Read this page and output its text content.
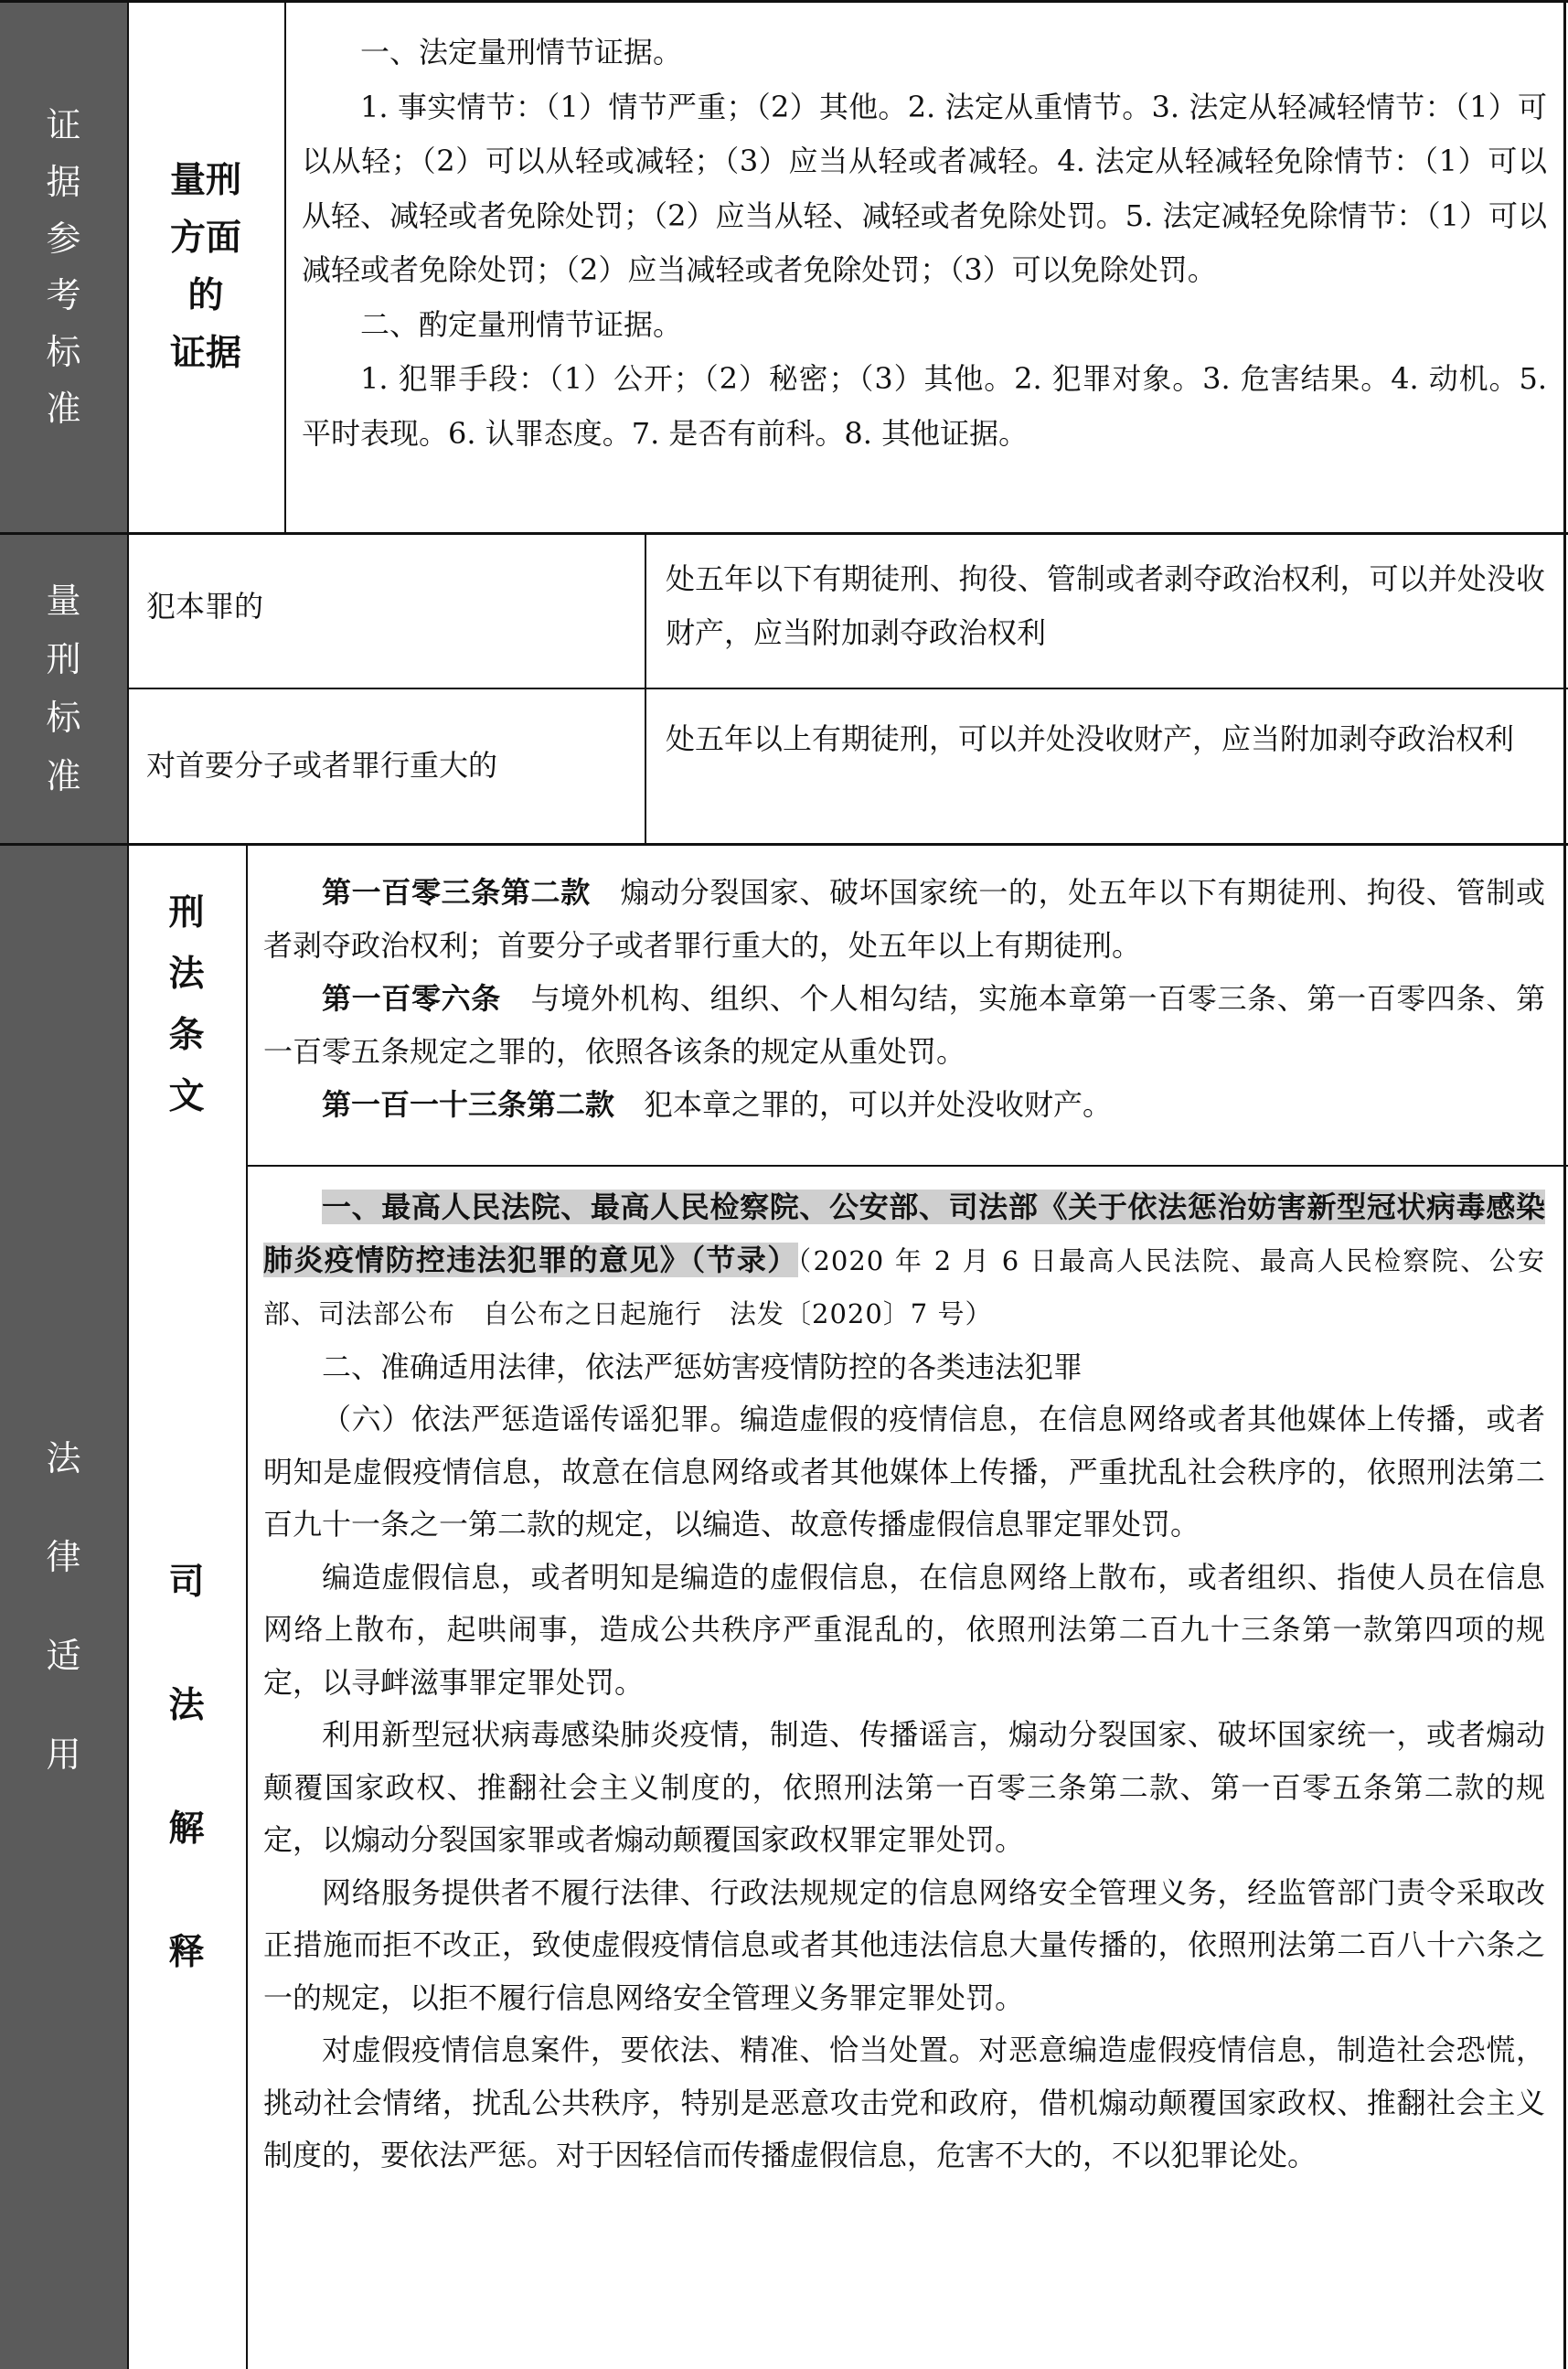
证
据
参
考
标
准
量刑
方面
的
证据

一、法定量刑情节证据。

1. 事实情节：（1）情节严重；（2）其他。2. 法定从重情节。3. 法定从轻减轻情节：（1）可以从轻；（2）可以从轻或减轻；（3）应当从轻或者减轻。4. 法定从轻减轻免除情节：（1）可以从轻、减轻或者免除处罚；（2）应当从轻、减轻或者免除处罚。5. 法定减轻免除情节：（1）可以减轻或者免除处罚；（2）应当减轻或者免除处罚；（3）可以免除处罚。

二、酌定量刑情节证据。

1. 犯罪手段：（1）公开；（2）秘密；（3）其他。2. 犯罪对象。3. 危害结果。4. 动机。5. 平时表现。6. 认罪态度。7. 是否有前科。8. 其他证据。

量
刑
标
准
犯本罪的
处五年以下有期徒刑、拘役、管制或者剥夺政治权利，可以并处没收财产，应当附加剥夺政治权利
对首要分子或者罪行重大的
处五年以上有期徒刑，可以并处没收财产，应当附加剥夺政治权利
法
律
适
用
刑
法
条
文

第一百零三条第二款　 煽动分裂国家、破坏国家统一的，处五年以下有期徒刑、拘役、管制或者剥夺政治权利；首要分子或者罪行重大的，处五年以上有期徒刑。

第一百零六条　 与境外机构、组织、个人相勾结，实施本章第一百零三条、第一百零四条、第一百零五条规定之罪的，依照各该条的规定从重处罚。

第一百一十三条第二款　 犯本章之罪的，可以并处没收财产。

司
法
解
释

一、最高人民法院、最高人民检察院、公安部、司法部《关于依法惩治妨害新型冠状病毒感染肺炎疫情防控违法犯罪的意见》（节录）（2020 年 2 月 6 日最高人民法院、最高人民检察院、公安部、司法部公布　自公布之日起施行　法发〔2020〕7 号）

二、准确适用法律，依法严惩妨害疫情防控的各类违法犯罪

（六）依法严惩造谣传谣犯罪。编造虚假的疫情信息，在信息网络或者其他媒体上传播，或者明知是虚假疫情信息，故意在信息网络或者其他媒体上传播，严重扰乱社会秩序的，依照刑法第二百九十一条之一第二款的规定，以编造、故意传播虚假信息罪定罪处罚。

编造虚假信息，或者明知是编造的虚假信息，在信息网络上散布，或者组织、指使人员在信息网络上散布，起哄闹事，造成公共秩序严重混乱的，依照刑法第二百九十三条第一款第四项的规定，以寻衅滋事罪定罪处罚。

利用新型冠状病毒感染肺炎疫情，制造、传播谣言，煽动分裂国家、破坏国家统一，或者煽动颠覆国家政权、推翻社会主义制度的，依照刑法第一百零三条第二款、第一百零五条第二款的规定，以煽动分裂国家罪或者煽动颠覆国家政权罪定罪处罚。

网络服务提供者不履行法律、行政法规规定的信息网络安全管理义务，经监管部门责令采取改正措施而拒不改正，致使虚假疫情信息或者其他违法信息大量传播的，依照刑法第二百八十六条之一的规定，以拒不履行信息网络安全管理义务罪定罪处罚。

对虚假疫情信息案件，要依法、精准、恰当处置。对恶意编造虚假疫情信息，制造社会恐慌，挑动社会情绪，扰乱公共秩序，特别是恶意攻击党和政府，借机煽动颠覆国家政权、推翻社会主义制度的，要依法严惩。对于因轻信而传播虚假信息，危害不大的，不以犯罪论处。
